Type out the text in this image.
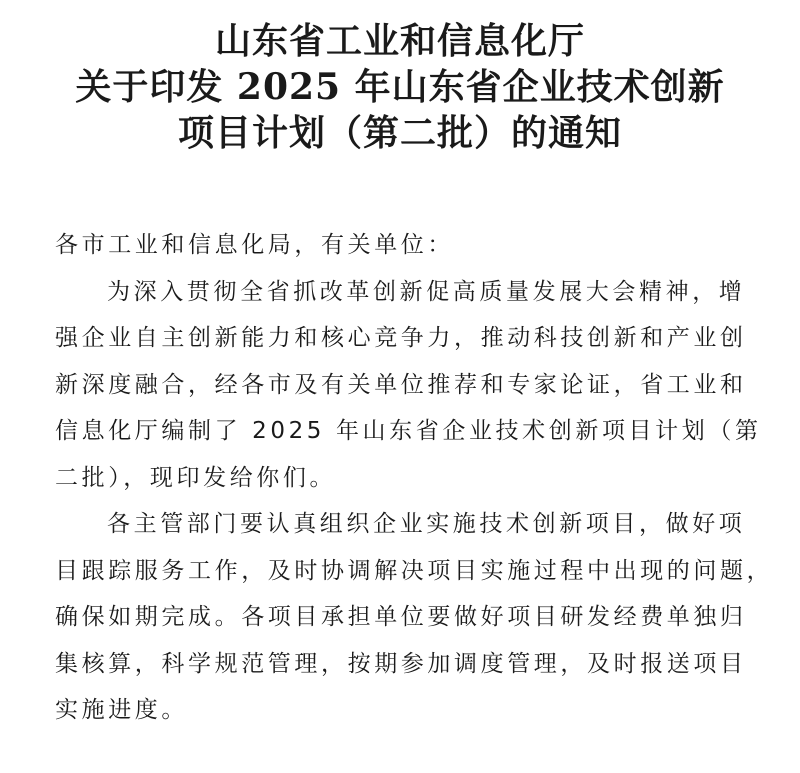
山东省工业和信息化厅
关于印发 2025 年山东省企业技术创新
项目计划（第二批）的通知
各市工业和信息化局，有关单位：
为深入贯彻全省抓改革创新促高质量发展大会精神，增
强企业自主创新能力和核心竞争力，推动科技创新和产业创
新深度融合，经各市及有关单位推荐和专家论证，省工业和
信息化厅编制了 2025 年山东省企业技术创新项目计划（第
二批），现印发给你们。
各主管部门要认真组织企业实施技术创新项目，做好项
目跟踪服务工作，及时协调解决项目实施过程中出现的问题，
确保如期完成。各项目承担单位要做好项目研发经费单独归
集核算，科学规范管理，按期参加调度管理，及时报送项目
实施进度。
